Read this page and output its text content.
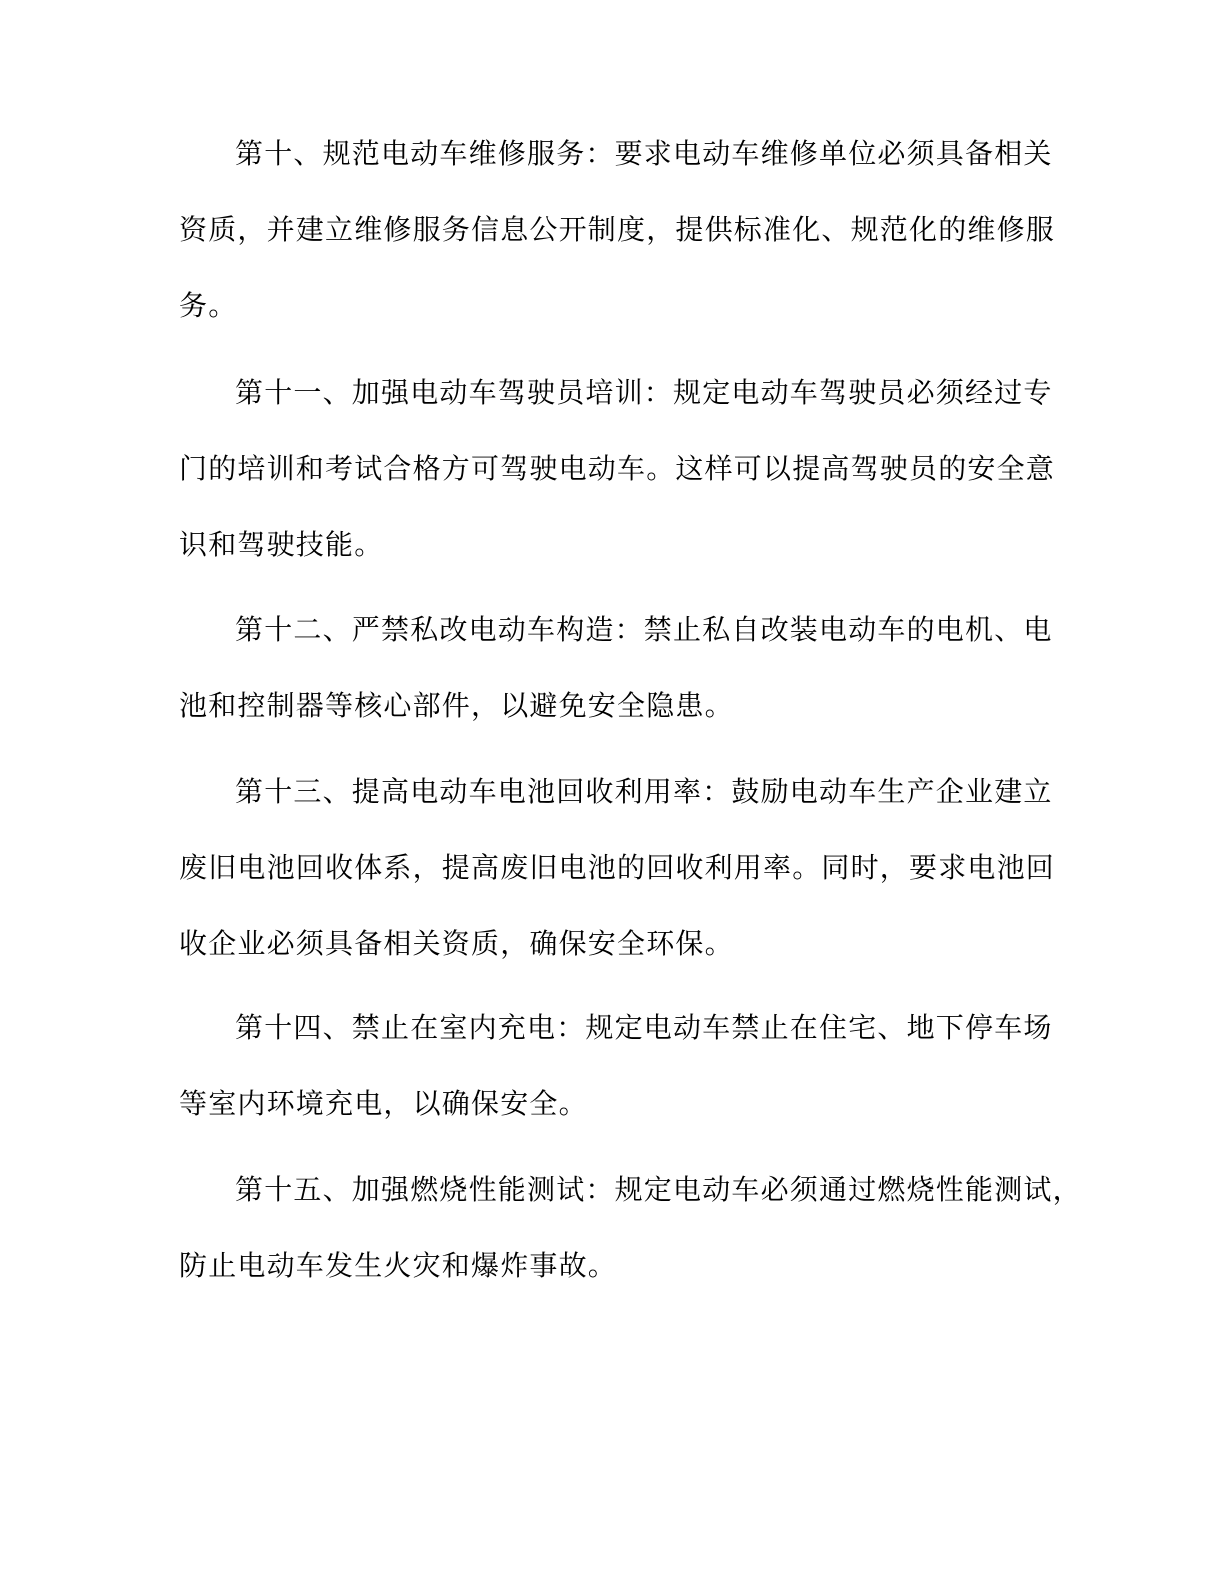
第十、规范电动车维修服务：要求电动车维修单位必须具备相关
资质，并建立维修服务信息公开制度，提供标准化、规范化的维修服
务。

第十一、加强电动车驾驶员培训：规定电动车驾驶员必须经过专
门的培训和考试合格方可驾驶电动车。这样可以提高驾驶员的安全意
识和驾驶技能。

第十二、严禁私改电动车构造：禁止私自改装电动车的电机、电
池和控制器等核心部件，以避免安全隐患。

第十三、提高电动车电池回收利用率：鼓励电动车生产企业建立
废旧电池回收体系，提高废旧电池的回收利用率。同时，要求电池回
收企业必须具备相关资质，确保安全环保。

第十四、禁止在室内充电：规定电动车禁止在住宅、地下停车场
等室内环境充电，以确保安全。

第十五、加强燃烧性能测试：规定电动车必须通过燃烧性能测试，
防止电动车发生火灾和爆炸事故。
